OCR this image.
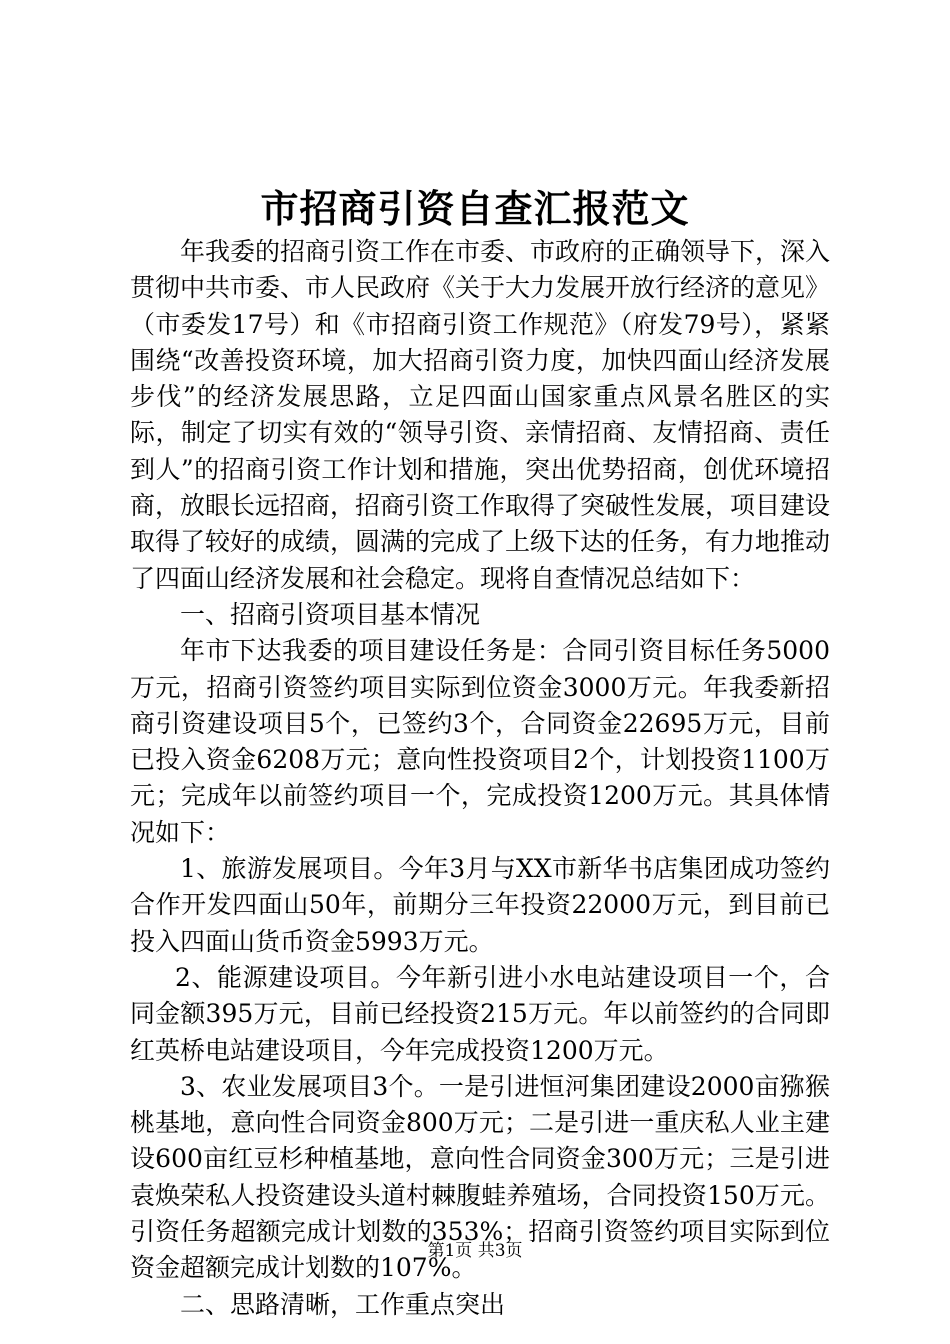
市招商引资自查汇报范文

年我委的招商引资工作在市委、市政府的正确领导下，深入贯彻中共市委、市人民政府《关于大力发展开放行经济的意见》（市委发17号）和《市招商引资工作规范》（府发79号），紧紧围绕“改善投资环境，加大招商引资力度，加快四面山经济发展步伐”的经济发展思路，立足四面山国家重点风景名胜区的实际，制定了切实有效的“领导引资、亲情招商、友情招商、责任到人”的招商引资工作计划和措施，突出优势招商，创优环境招商，放眼长远招商，招商引资工作取得了突破性发展，项目建设取得了较好的成绩，圆满的完成了上级下达的任务，有力地推动了四面山经济发展和社会稳定。现将自查情况总结如下：

一、招商引资项目基本情况

年市下达我委的项目建设任务是：合同引资目标任务5000万元，招商引资签约项目实际到位资金3000万元。年我委新招商引资建设项目5个，已签约3个，合同资金22695万元，目前已投入资金6208万元；意向性投资项目2个，计划投资1100万元；完成年以前签约项目一个，完成投资1200万元。其具体情况如下：

1、旅游发展项目。今年3月与XX市新华书店集团成功签约合作开发四面山50年，前期分三年投资22000万元，到目前已投入四面山货币资金5993万元。

2、能源建设项目。今年新引进小水电站建设项目一个，合同金额395万元，目前已经投资215万元。年以前签约的合同即红英桥电站建设项目，今年完成投资1200万元。

3、农业发展项目3个。一是引进恒河集团建设2000亩猕猴桃基地，意向性合同资金800万元；二是引进一重庆私人业主建设600亩红豆杉种植基地，意向性合同资金300万元；三是引进袁焕荣私人投资建设头道村棘腹蛙养殖场，合同投资150万元。引资任务超额完成计划数的353%；招商引资签约项目实际到位资金超额完成计划数的107%。

二、思路清晰，工作重点突出

第1页 共3页
